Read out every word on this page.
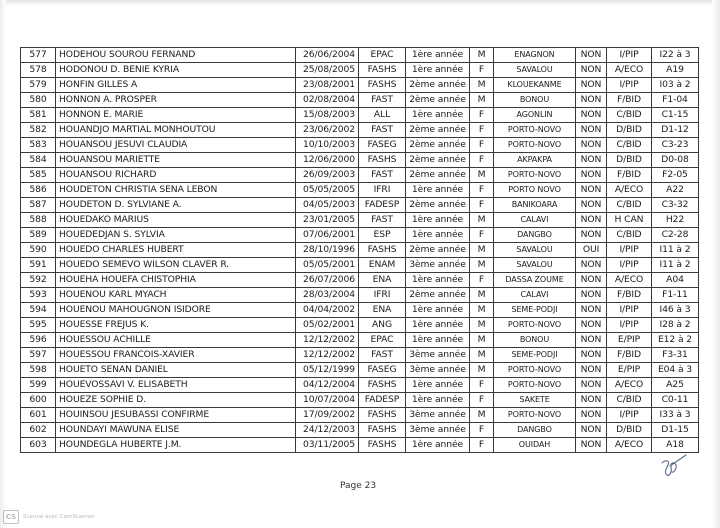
577	HODEHOU SOUROU FERNAND	26/06/2004	EPAC	1ère année	M	ENAGNON	NON	I/PIP	I22 à 3
578	HODONOU D. BENIE KYRIA	25/08/2005	FASHS	1ère année	F	SAVALOU	NON	A/ECO	A19
579	HONFIN GILLES A	23/08/2001	FASHS	2ème année	M	KLOUEKANME	NON	I/PIP	I03 à 2
580	HONNON A. PROSPER	02/08/2004	FAST	2ème année	M	BONOU	NON	F/BID	F1-04
581	HONNON E. MARIE	15/08/2003	ALL	1ère année	F	AGONLIN	NON	C/BID	C1-15
582	HOUANDJO MARTIAL MONHOUTOU	23/06/2002	FAST	2ème année	F	PORTO-NOVO	NON	D/BID	D1-12
583	HOUANSOU JESUVI CLAUDIA	10/10/2003	FASEG	2ème année	F	PORTO-NOVO	NON	C/BID	C3-23
584	HOUANSOU MARIETTE	12/06/2000	FASHS	2ème année	F	AKPAKPA	NON	D/BID	D0-08
585	HOUANSOU RICHARD	26/09/2003	FAST	2ème année	M	PORTO-NOVO	NON	F/BID	F2-05
586	HOUDETON CHRISTIA SENA LEBON	05/05/2005	IFRI	1ère année	F	PORTO NOVO	NON	A/ECO	A22
587	HOUDETON D. SYLVIANE A.	04/05/2003	FADESP	2ème année	F	BANIKOARA	NON	C/BID	C3-32
588	HOUEDAKO MARIUS	23/01/2005	FAST	1ère année	M	CALAVI	NON	H CAN	H22
589	HOUEDEDJAN S. SYLVIA	07/06/2001	ESP	1ère année	F	DANGBO	NON	C/BID	C2-28
590	HOUEDO CHARLES HUBERT	28/10/1996	FASHS	2ème année	M	SAVALOU	OUI	I/PIP	I11 à 2
591	HOUEDO SEMEVO WILSON CLAVER R.	05/05/2001	ENAM	3ème année	M	SAVALOU	NON	I/PIP	I11 à 2
592	HOUEHA HOUEFA CHISTOPHIA	26/07/2006	ENA	1ère année	F	DASSA ZOUME	NON	A/ECO	A04
593	HOUENOU KARL MYACH	28/03/2004	IFRI	2ème année	M	CALAVI	NON	F/BID	F1-11
594	HOUENOU MAHOUGNON ISIDORE	04/04/2002	ENA	1ère année	M	SEME-PODJI	NON	I/PIP	I46 à 3
595	HOUESSE FREJUS K.	05/02/2001	ANG	1ère année	M	PORTO-NOVO	NON	I/PIP	I28 à 2
596	HOUESSOU ACHILLE	12/12/2002	EPAC	1ère année	M	BONOU	NON	E/PIP	E12 à 2
597	HOUESSOU FRANCOIS-XAVIER	12/12/2002	FAST	3ème année	M	SEME-PODJI	NON	F/BID	F3-31
598	HOUETO SENAN DANIEL	05/12/1999	FASEG	3ème année	M	PORTO-NOVO	NON	E/PIP	E04 à 3
599	HOUEVOSSAVI V. ELISABETH	04/12/2004	FASHS	1ère année	F	PORTO-NOVO	NON	A/ECO	A25
600	HOUEZE SOPHIE D.	10/07/2004	FADESP	1ère année	F	SAKETE	NON	C/BID	C0-11
601	HOUINSOU JESUBASSI CONFIRME	17/09/2002	FASHS	3ème année	M	PORTO-NOVO	NON	I/PIP	I33 à 3
602	HOUNDAYI MAWUNA ELISE	24/12/2003	FASHS	3ème année	F	DANGBO	NON	D/BID	D1-15
603	HOUNDEGLA HUBERTE J.M.	03/11/2005	FASHS	1ère année	F	OUIDAH	NON	A/ECO	A18
Page 23
CS	Scanné avec CamScanner
